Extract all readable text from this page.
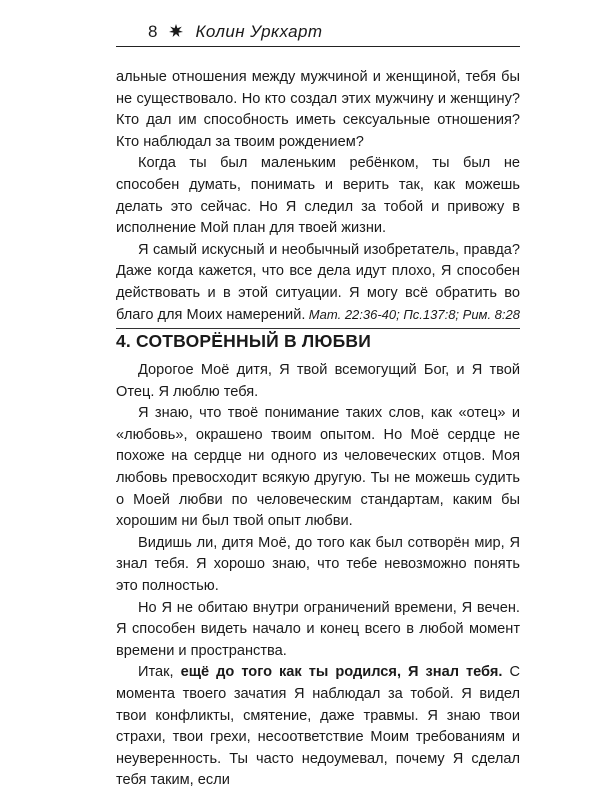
8 Колин Уркхарт

альные отношения между мужчиной и женщиной, тебя бы не существовало. Но кто создал этих мужчину и женщину? Кто дал им способность иметь сексуальные отношения? Кто наблюдал за твоим рождением?

Когда ты был маленьким ребёнком, ты был не способен думать, понимать и верить так, как можешь делать это сейчас. Но Я следил за тобой и привожу в исполнение Мой план для твоей жизни.

Я самый искусный и необычный изобретатель, правда? Даже когда кажется, что все дела идут плохо, Я способен действовать и в этой ситуации. Я могу всё обратить во благо для Моих намерений. Мат. 22:36-40; Пс.137:8; Рим. 8:28
4. СОТВОРЁННЫЙ В ЛЮБВИ

Дорогое Моё дитя, Я твой всемогущий Бог, и Я твой Отец. Я люблю тебя.

Я знаю, что твоё понимание таких слов, как «отец» и «любовь», окрашено твоим опытом. Но Моё сердце не похоже на сердце ни одного из человеческих отцов. Моя любовь превосходит всякую другую. Ты не можешь судить о Моей любви по человеческим стандартам, каким бы хорошим ни был твой опыт любви.

Видишь ли, дитя Моё, до того как был сотворён мир, Я знал тебя. Я хорошо знаю, что тебе невозможно понять это полностью.

Но Я не обитаю внутри ограничений времени, Я вечен. Я способен видеть начало и конец всего в любой момент времени и пространства.

Итак, ещё до того как ты родился, Я знал тебя. С момента твоего зачатия Я наблюдал за тобой. Я видел твои конфликты, смятение, даже травмы. Я знаю твои страхи, твои грехи, несоответствие Моим требованиям и неуверенность. Ты часто недоумевал, почему Я сделал тебя таким, если
